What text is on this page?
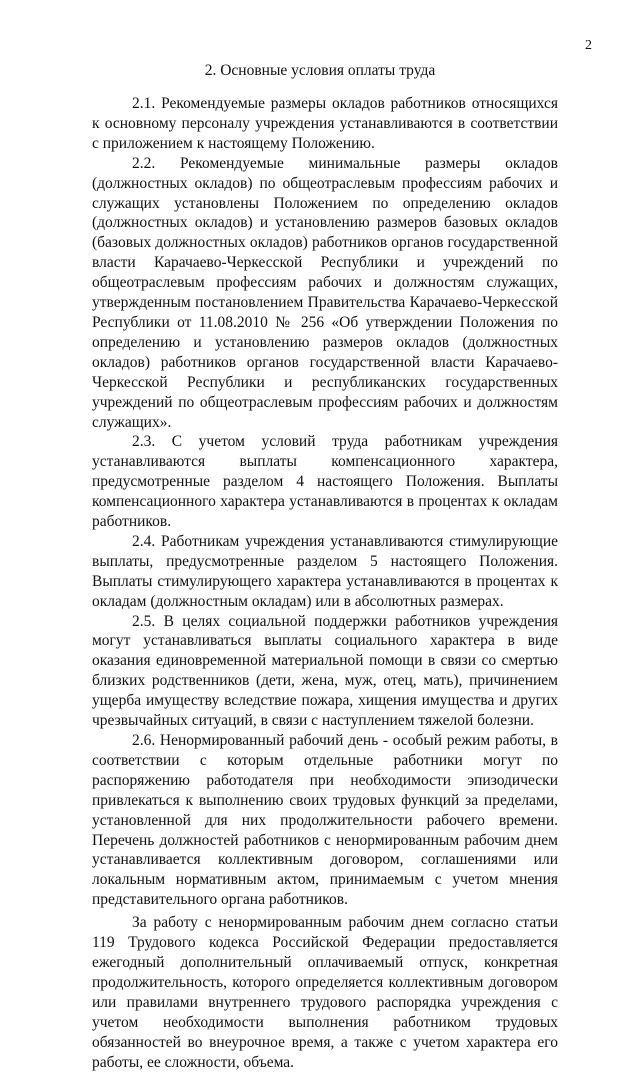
2
2. Основные условия оплаты труда

2.1. Рекомендуемые размеры окладов работников относящихся к основному персоналу учреждения устанавливаются в соответствии с приложением к настоящему Положению.

2.2. Рекомендуемые минимальные размеры окладов (должностных окладов) по общеотраслевым профессиям рабочих и служащих установлены Положением по определению окладов (должностных окладов) и установлению размеров базовых окладов (базовых должностных окладов) работников органов государственной власти Карачаево-Черкесской Республики и учреждений по общеотраслевым профессиям рабочих и должностям служащих, утвержденным постановлением Правительства Карачаево-Черкесской Республики от 11.08.2010 № 256 «Об утверждении Положения по определению и установлению размеров окладов (должностных окладов) работников органов государственной власти Карачаево-Черкесской Республики и республиканских государственных учреждений по общеотраслевым профессиям рабочих и должностям служащих».

2.3. С учетом условий труда работникам учреждения устанавливаются выплаты компенсационного характера, предусмотренные разделом 4 настоящего Положения. Выплаты компенсационного характера устанавливаются в процентах к окладам работников.

2.4. Работникам учреждения устанавливаются стимулирующие выплаты, предусмотренные разделом 5 настоящего Положения. Выплаты стимулирующего характера устанавливаются в процентах к окладам (должностным окладам) или в абсолютных размерах.

2.5. В целях социальной поддержки работников учреждения могут устанавливаться выплаты социального характера в виде оказания единовременной материальной помощи в связи со смертью близких родственников (дети, жена, муж, отец, мать), причинением ущерба имуществу вследствие пожара, хищения имущества и других чрезвычайных ситуаций, в связи с наступлением тяжелой болезни.

2.6. Ненормированный рабочий день - особый режим работы, в соответствии с которым отдельные работники могут по распоряжению работодателя при необходимости эпизодически привлекаться к выполнению своих трудовых функций за пределами, установленной для них продолжительности рабочего времени. Перечень должностей работников с ненормированным рабочим днем устанавливается коллективным договором, соглашениями или локальным нормативным актом, принимаемым с учетом мнения представительного органа работников.

За работу с ненормированным рабочим днем согласно статьи 119 Трудового кодекса Российской Федерации предоставляется ежегодный дополнительный оплачиваемый отпуск, конкретная продолжительность, которого определяется коллективным договором или правилами внутреннего трудового распорядка учреждения с учетом необходимости выполнения работником трудовых обязанностей во внеурочное время, а также с учетом характера его работы, ее сложности, объема.
